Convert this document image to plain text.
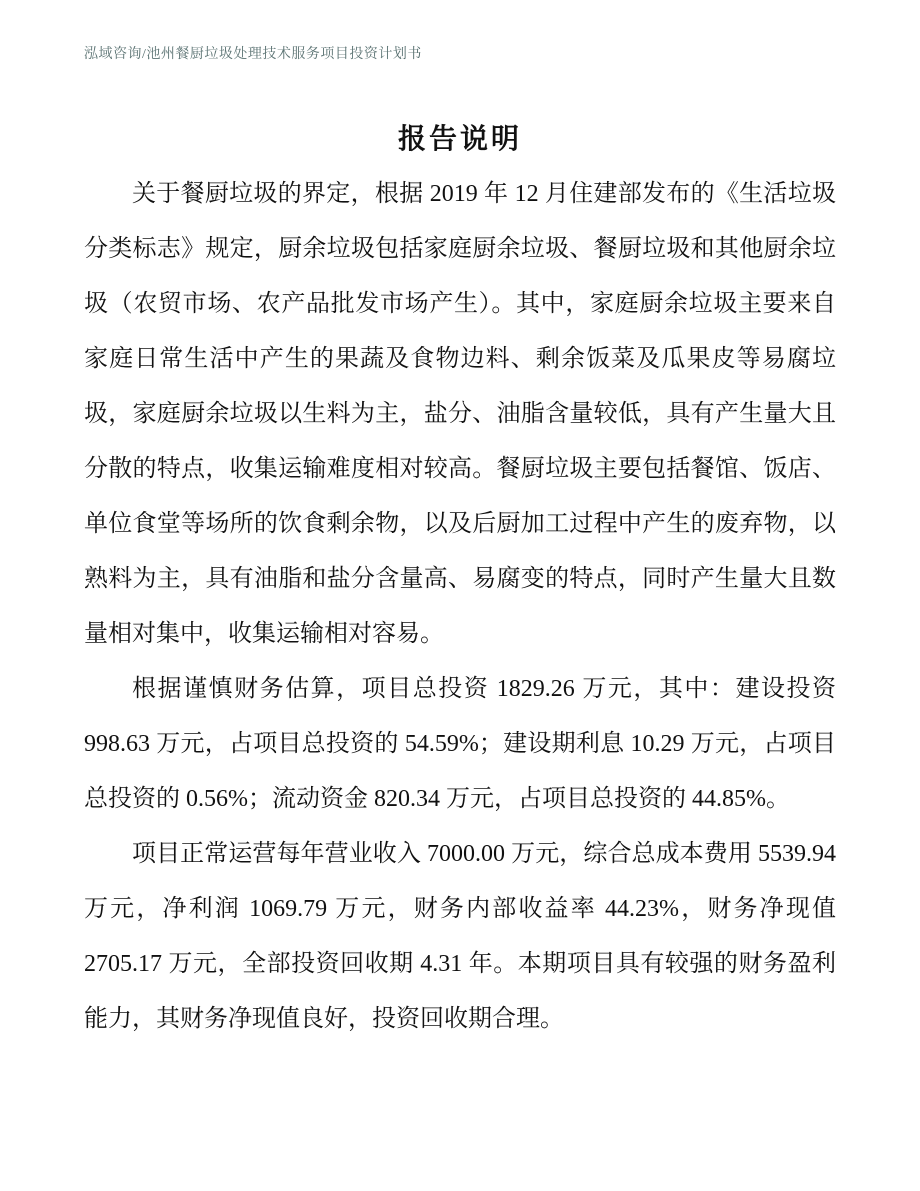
泓域咨询/池州餐厨垃圾处理技术服务项目投资计划书
报告说明

关于餐厨垃圾的界定，根据 2019 年 12 月住建部发布的《生活垃圾分类标志》规定，厨余垃圾包括家庭厨余垃圾、餐厨垃圾和其他厨余垃圾（农贸市场、农产品批发市场产生）。其中，家庭厨余垃圾主要来自家庭日常生活中产生的果蔬及食物边料、剩余饭菜及瓜果皮等易腐垃圾，家庭厨余垃圾以生料为主，盐分、油脂含量较低，具有产生量大且分散的特点，收集运输难度相对较高。餐厨垃圾主要包括餐馆、饭店、单位食堂等场所的饮食剩余物，以及后厨加工过程中产生的废弃物，以熟料为主，具有油脂和盐分含量高、易腐变的特点，同时产生量大且数量相对集中，收集运输相对容易。

根据谨慎财务估算，项目总投资 1829.26 万元，其中：建设投资 998.63 万元，占项目总投资的 54.59%；建设期利息 10.29 万元，占项目总投资的 0.56%；流动资金 820.34 万元，占项目总投资的 44.85%。

项目正常运营每年营业收入 7000.00 万元，综合总成本费用 5539.94 万元，净利润 1069.79 万元，财务内部收益率 44.23%，财务净现值 2705.17 万元，全部投资回收期 4.31 年。本期项目具有较强的财务盈利能力，其财务净现值良好，投资回收期合理。
